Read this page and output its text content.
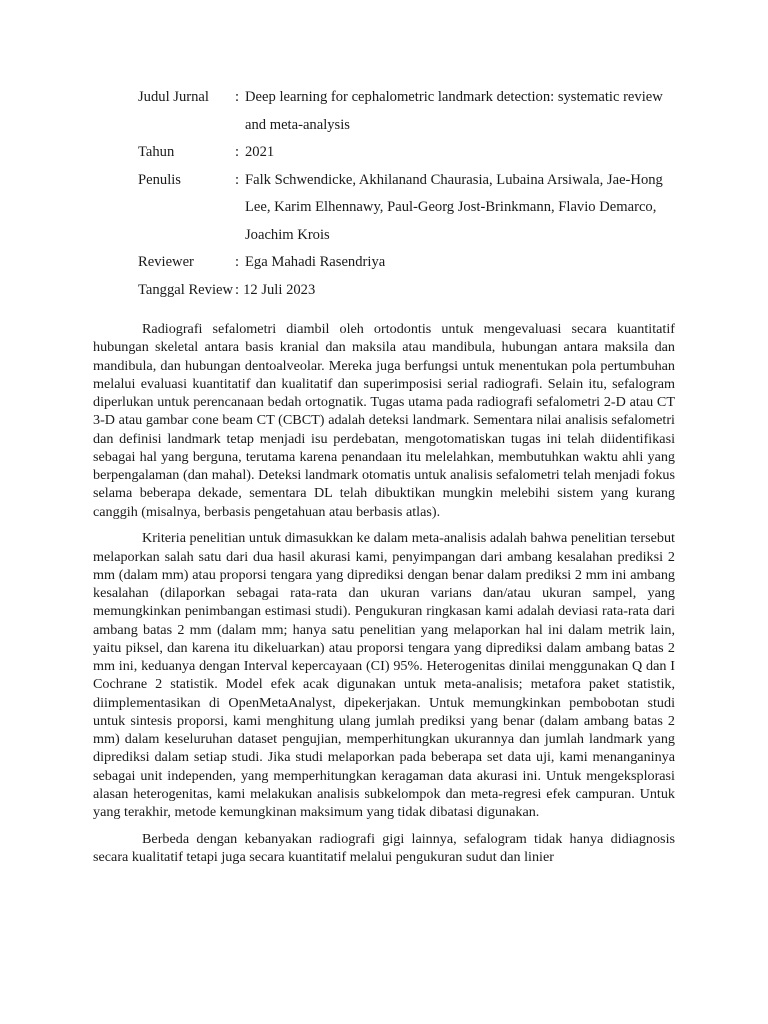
Judul Jurnal	: Deep learning for cephalometric landmark detection: systematic review and meta-analysis
Tahun	: 2021
Penulis	: Falk Schwendicke, Akhilanand Chaurasia, Lubaina Arsiwala, Jae-Hong Lee, Karim Elhennawy, Paul-Georg Jost-Brinkmann, Flavio Demarco, Joachim Krois
Reviewer	: Ega Mahadi Rasendriya
Tanggal Review : 12 Juli 2023

Radiografi sefalometri diambil oleh ortodontis untuk mengevaluasi secara kuantitatif hubungan skeletal antara basis kranial dan maksila atau mandibula, hubungan antara maksila dan mandibula, dan hubungan dentoalveolar. Mereka juga berfungsi untuk menentukan pola pertumbuhan melalui evaluasi kuantitatif dan kualitatif dan superimposisi serial radiografi. Selain itu, sefalogram diperlukan untuk perencanaan bedah ortognatik. Tugas utama pada radiografi sefalometri 2-D atau CT 3-D atau gambar cone beam CT (CBCT) adalah deteksi landmark. Sementara nilai analisis sefalometri dan definisi landmark tetap menjadi isu perdebatan, mengotomatiskan tugas ini telah diidentifikasi sebagai hal yang berguna, terutama karena penandaan itu melelahkan, membutuhkan waktu ahli yang berpengalaman (dan mahal). Deteksi landmark otomatis untuk analisis sefalometri telah menjadi fokus selama beberapa dekade, sementara DL telah dibuktikan mungkin melebihi sistem yang kurang canggih (misalnya, berbasis pengetahuan atau berbasis atlas).

Kriteria penelitian untuk dimasukkan ke dalam meta-analisis adalah bahwa penelitian tersebut melaporkan salah satu dari dua hasil akurasi kami, penyimpangan dari ambang kesalahan prediksi 2 mm (dalam mm) atau proporsi tengara yang diprediksi dengan benar dalam prediksi 2 mm ini ambang kesalahan (dilaporkan sebagai rata-rata dan ukuran varians dan/atau ukuran sampel, yang memungkinkan penimbangan estimasi studi). Pengukuran ringkasan kami adalah deviasi rata-rata dari ambang batas 2 mm (dalam mm; hanya satu penelitian yang melaporkan hal ini dalam metrik lain, yaitu piksel, dan karena itu dikeluarkan) atau proporsi tengara yang diprediksi dalam ambang batas 2 mm ini, keduanya dengan Interval kepercayaan (CI) 95%. Heterogenitas dinilai menggunakan Q dan I Cochrane 2 statistik. Model efek acak digunakan untuk meta-analisis; metafora paket statistik, diimplementasikan di OpenMetaAnalyst, dipekerjakan. Untuk memungkinkan pembobotan studi untuk sintesis proporsi, kami menghitung ulang jumlah prediksi yang benar (dalam ambang batas 2 mm) dalam keseluruhan dataset pengujian, memperhitungkan ukurannya dan jumlah landmark yang diprediksi dalam setiap studi. Jika studi melaporkan pada beberapa set data uji, kami menanganinya sebagai unit independen, yang memperhitungkan keragaman data akurasi ini. Untuk mengeksplorasi alasan heterogenitas, kami melakukan analisis subkelompok dan meta-regresi efek campuran. Untuk yang terakhir, metode kemungkinan maksimum yang tidak dibatasi digunakan.

Berbeda dengan kebanyakan radiografi gigi lainnya, sefalogram tidak hanya didiagnosis secara kualitatif tetapi juga secara kuantitatif melalui pengukuran sudut dan linier
